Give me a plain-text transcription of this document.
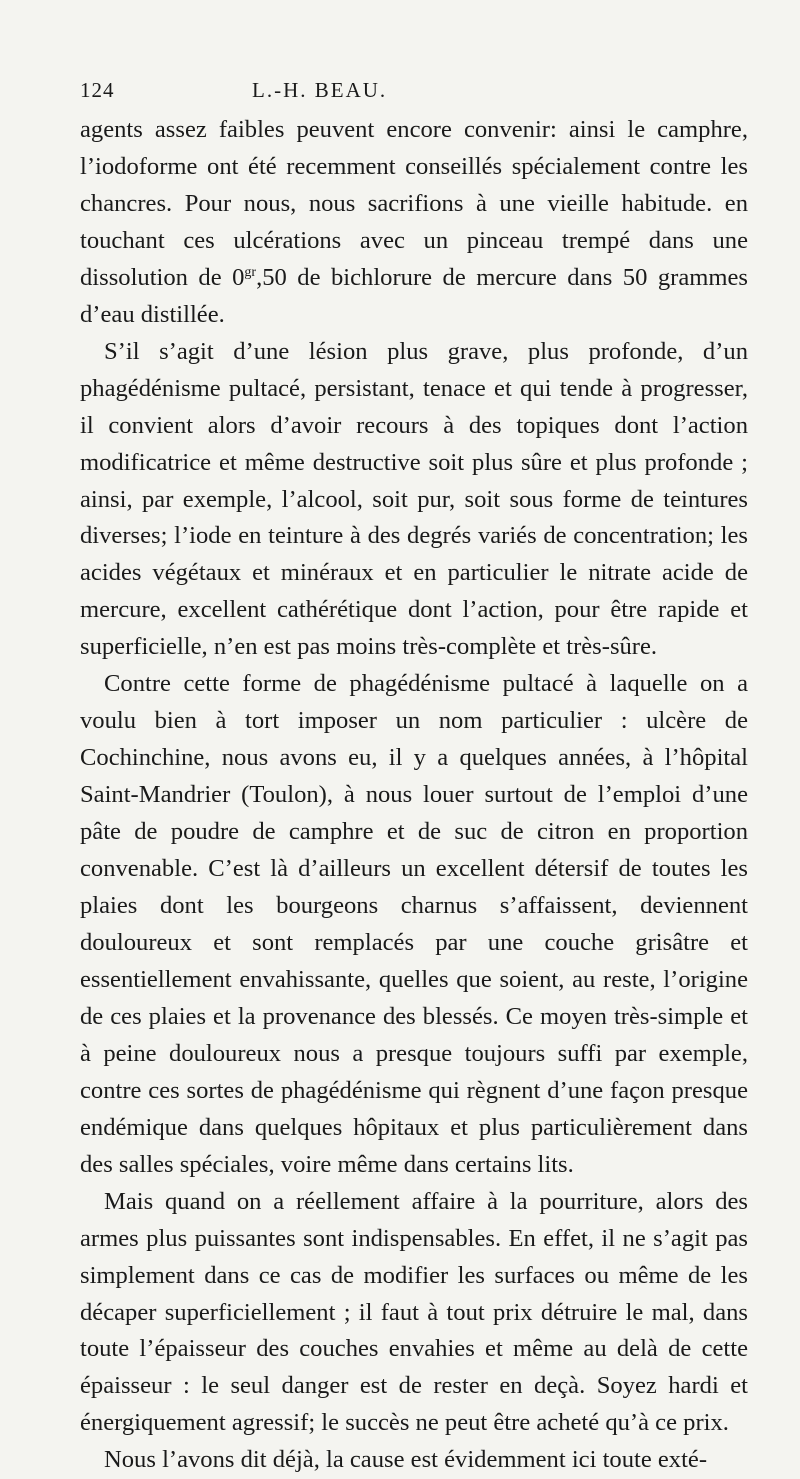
124	L.-H. BEAU.

agents assez faibles peuvent encore convenir: ainsi le camphre, l’iodoforme ont été recemment conseillés spécialement contre les chancres. Pour nous, nous sacrifions à une vieille habitude. en touchant ces ulcérations avec un pinceau trempé dans une dissolution de $0^{gr},50$ de bichlorure de mercure dans 50 grammes d’eau distillée.

S’il s’agit d’une lésion plus grave, plus profonde, d’un phagédénisme pultacé, persistant, tenace et qui tende à progresser, il convient alors d’avoir recours à des topiques dont l’action modificatrice et même destructive soit plus sûre et plus profonde ; ainsi, par exemple, l’alcool, soit pur, soit sous forme de teintures diverses; l’iode en teinture à des degrés variés de concentration; les acides végétaux et minéraux et en particulier le nitrate acide de mercure, excellent cathérétique dont l’action, pour être rapide et superficielle, n’en est pas moins très-complète et très-sûre.

Contre cette forme de phagédénisme pultacé à laquelle on a voulu bien à tort imposer un nom particulier : ulcère de Cochinchine, nous avons eu, il y a quelques années, à l’hôpital Saint-Mandrier (Toulon), à nous louer surtout de l’emploi d’une pâte de poudre de camphre et de suc de citron en proportion convenable. C’est là d’ailleurs un excellent détersif de toutes les plaies dont les bourgeons charnus s’affaissent, deviennent douloureux et sont remplacés par une couche grisâtre et essentiellement envahissante, quelles que soient, au reste, l’origine de ces plaies et la provenance des blessés. Ce moyen très-simple et à peine douloureux nous a presque toujours suffi par exemple, contre ces sortes de phagédénisme qui règnent d’une façon presque endémique dans quelques hôpitaux et plus particulièrement dans des salles spéciales, voire même dans certains lits.

Mais quand on a réellement affaire à la pourriture, alors des armes plus puissantes sont indispensables. En effet, il ne s’agit pas simplement dans ce cas de modifier les surfaces ou même de les décaper superficiellement ; il faut à tout prix détruire le mal, dans toute l’épaisseur des couches envahies et même au delà de cette épaisseur : le seul danger est de rester en deçà. Soyez hardi et énergiquement agressif; le succès ne peut être acheté qu’à ce prix.

Nous l’avons dit déjà, la cause est évidemment ici toute exté-
